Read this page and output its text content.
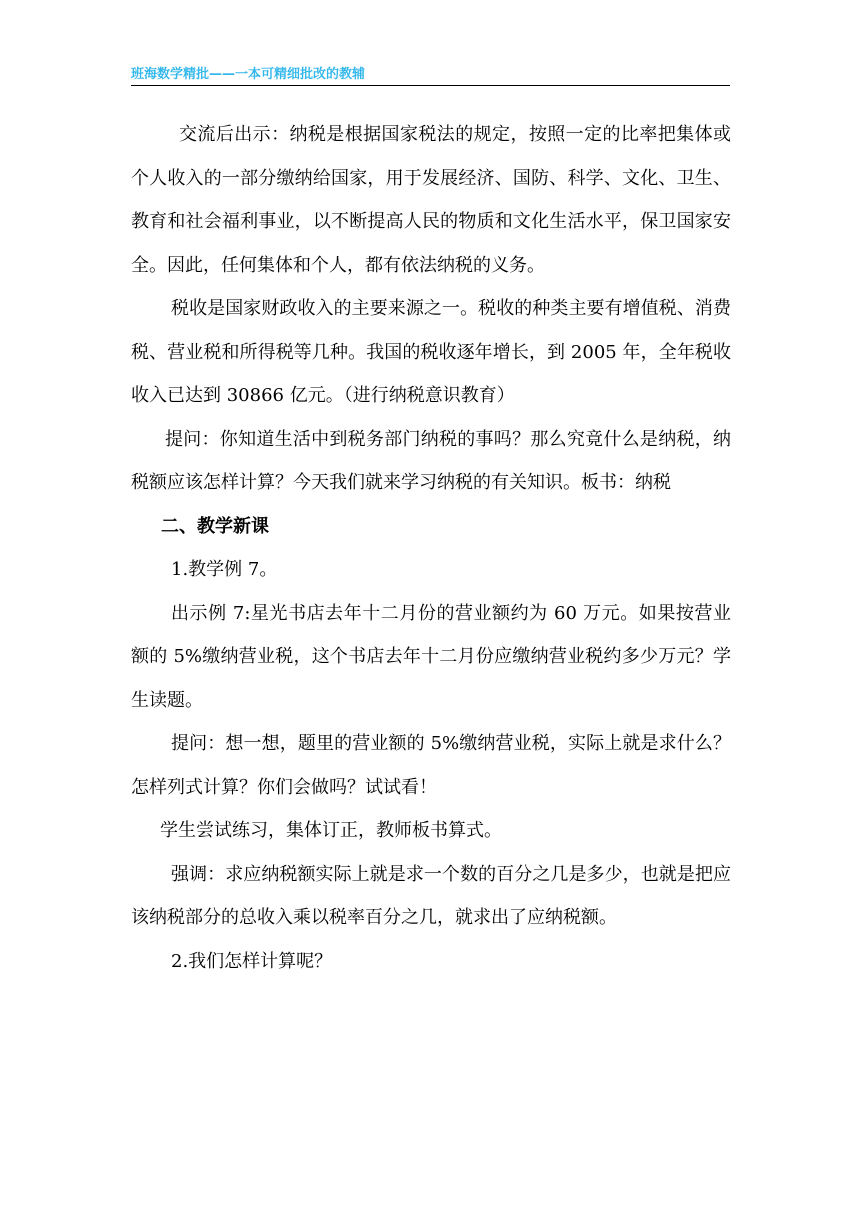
班海数学精批——一本可精细批改的教辅

交流后出示：纳税是根据国家税法的规定，按照一定的比率把集体或个人收入的一部分缴纳给国家，用于发展经济、国防、科学、文化、卫生、教育和社会福利事业，以不断提高人民的物质和文化生活水平，保卫国家安全。因此，任何集体和个人，都有依法纳税的义务。

税收是国家财政收入的主要来源之一。税收的种类主要有增值税、消费税、营业税和所得税等几种。我国的税收逐年增长，到 2005 年，全年税收收入已达到 30866 亿元。（进行纳税意识教育）

提问：你知道生活中到税务部门纳税的事吗？那么究竟什么是纳税，纳税额应该怎样计算？今天我们就来学习纳税的有关知识。板书：纳税

二、教学新课

1.教学例 7。

出示例 7:星光书店去年十二月份的营业额约为 60 万元。如果按营业额的 5%缴纳营业税，这个书店去年十二月份应缴纳营业税约多少万元？学生读题。

提问：想一想，题里的营业额的 5%缴纳营业税，实际上就是求什么？怎样列式计算？你们会做吗？试试看！

学生尝试练习，集体订正，教师板书算式。

强调：求应纳税额实际上就是求一个数的百分之几是多少，也就是把应该纳税部分的总收入乘以税率百分之几，就求出了应纳税额。

2.我们怎样计算呢？
